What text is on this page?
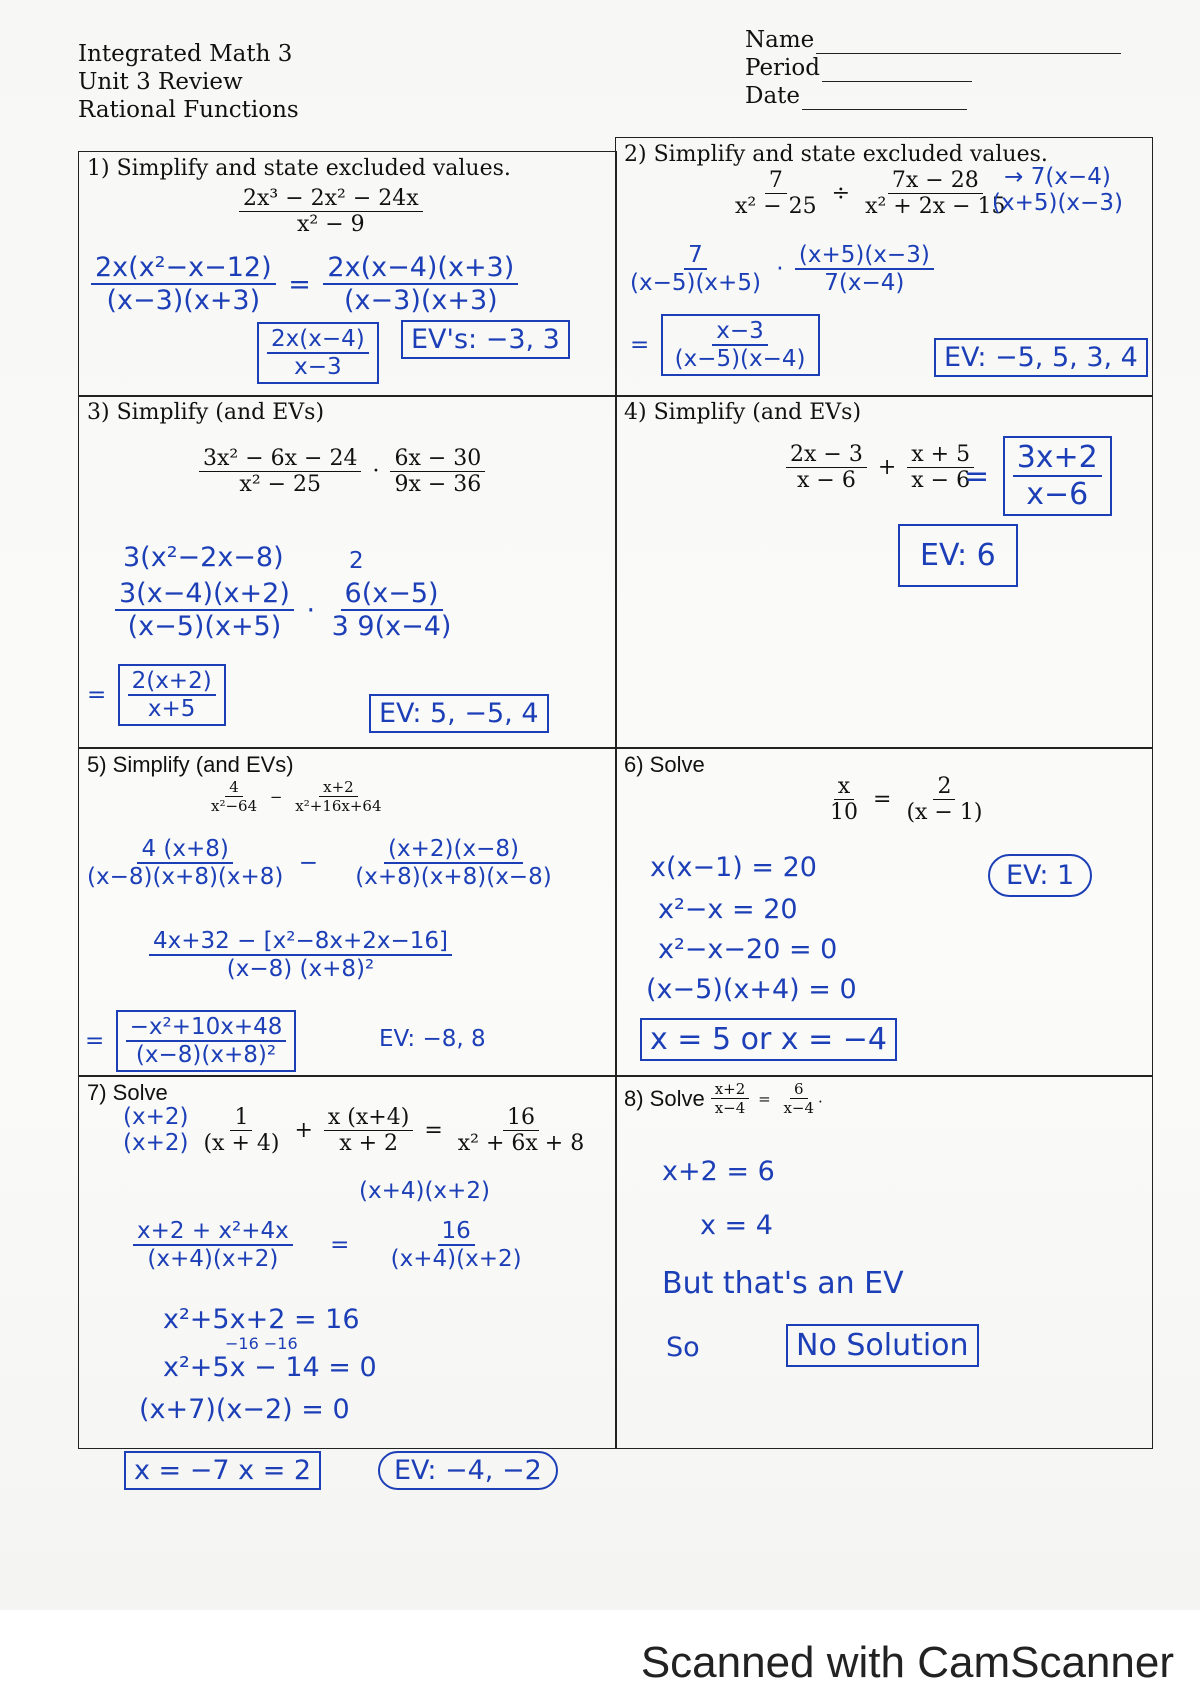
Integrated Math 3
Unit 3 Review
Rational Functions
Name
Period
Date
1) Simplify and state excluded values.
$\frac{\text{2x³ − 2x² − 24x}}{\text{x² − 9}}$
$\frac{\text{2x(x²−x−12)}}{(x-3)(x+3)} = \frac{2x(x-4)(x+3)}{(x-3)(x+3)}$
$\frac{2x(x-4)}{x-3}$	EV's: −3, 3
2) Simplify and state excluded values.
$\frac{7}{\text{x² − 25}} \div \frac{7x - 28}{\text{x² + 2x − 15}}$
→ 7(x−4)
(x+5)(x−3)
$\frac{7}{(x-5)(x+5)} \cdot \frac{(x+5)(x-3)}{7(x-4)}$
= $\frac{x-3}{(x-5)(x-4)}$	EV: −5, 5, 3, 4
3) Simplify (and EVs)
$\frac{\text{3x² − 6x − 24}}{\text{x² − 25}} \cdot \frac{6x - 30}{9x - 36}$
3(x²−2x−8)
$\frac{3(x-4)(x+2)}{(x-5)(x+5)} \cdot \frac{6(x-5)}{3 9(x-4)}$
2
= $\frac{2(x+2)}{x+5}$	EV: 5, −5, 4
4) Simplify (and EVs)
$\frac{2x - 3}{x - 6} + \frac{x + 5}{x - 6}$
= $\frac{3x+2}{x-6}$
EV: 6
5) Simplify (and EVs)
$\frac{4}{\text{x²−64}} - \frac{x+2}{\text{x²+16x+64}}$
$\frac{4 (x+8)}{(x-8)(x+8)(x+8)} - \frac{(x+2)(x-8)}{(x+8)(x+8)(x-8)}$
$\frac{\text{4x+32 − [x²−8x+2x−16]}}{\text{(x−8) (x+8)²}}$
= $\frac{\text{−x²+10x+48}}{\text{(x−8)(x+8)²}}$	EV: −8, 8
6) Solve
$\frac{x}{10} = \frac{2}{(x - 1)}$
x(x−1) = 20
x²−x = 20
x²−x−20 = 0
(x−5)(x+4) = 0
EV: 1
x = 5 or x = −4
7) Solve
(x+2)
(x+2)
$\frac{1}{(x + 4)} + \frac{x (x+4)}{x + 2} = \frac{16}{\text{x² + 6x + 8}}$
(x+4)(x+2)
$\frac{\text{x+2 + x²+4x}}{(x+4)(x+2)} = \frac{16}{(x+4)(x+2)}$
x²+5x+2 = 16
−16 −16
x²+5x − 14 = 0
(x+7)(x−2) = 0
8) Solve $\frac{x+2}{x-4} = \frac{6}{x-4}$ .
x+2 = 6
x = 4
But that's an EV
So	No Solution
x = −7 x = 2	EV: −4, −2
Scanned with CamScanner
